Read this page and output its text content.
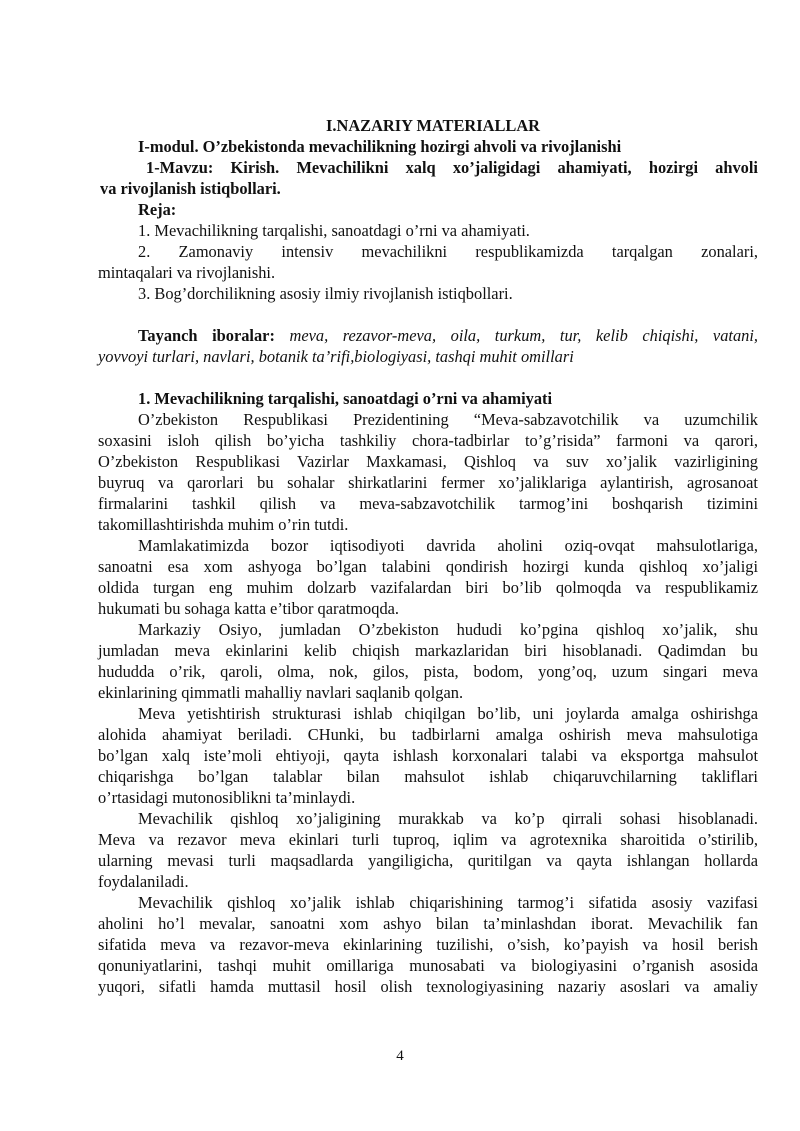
I.NAZARIY MATERIALLAR
I-modul. O’zbekistonda mevachilikning hozirgi ahvoli va rivojlanishi
1-Mavzu: Kirish. Mevachilikni xalq xo’jaligidagi ahamiyati, hozirgi ahvoli
va rivojlanish istiqbollari.
Reja:
1. Mevachilikning tarqalishi, sanoatdagi o’rni va ahamiyati.
2. Zamonaviy intensiv mevachilikni respublikamizda tarqalgan zonalari,
mintaqalari va rivojlanishi.
3. Bog’dorchilikning asosiy ilmiy rivojlanish istiqbollari.
Tayanch iboralar: meva, rezavor-meva, oila, turkum, tur, kelib chiqishi, vatani,
yovvoyi turlari, navlari, botanik ta’rifi,biologiyasi, tashqi muhit omillari
1. Mevachilikning tarqalishi, sanoatdagi o’rni va ahamiyati
O’zbekiston Respublikasi Prezidentining “Meva-sabzavotchilik va uzumchilik
soxasini isloh qilish bo’yicha tashkiliy chora-tadbirlar to’g’risida” farmoni va qarori,
O’zbekiston Respublikasi Vazirlar Maxkamasi, Qishloq va suv xo’jalik vazirligining
buyruq va qarorlari bu sohalar shirkatlarini fermer xo’jaliklariga aylantirish, agrosanoat
firmalarini tashkil qilish va meva-sabzavotchilik tarmog’ini boshqarish tizimini
takomillashtirishda muhim o’rin tutdi.
Mamlakatimizda bozor iqtisodiyoti davrida aholini oziq-ovqat mahsulotlariga,
sanoatni esa xom ashyoga bo’lgan talabini qondirish hozirgi kunda qishloq xo’jaligi
oldida turgan eng muhim dolzarb vazifalardan biri bo’lib qolmoqda va respublikamiz
hukumati bu sohaga katta e’tibor qaratmoqda.
Markaziy Osiyo, jumladan O’zbekiston hududi ko’pgina qishloq xo’jalik, shu
jumladan meva ekinlarini kelib chiqish markazlaridan biri hisoblanadi. Qadimdan bu
hududda o’rik, qaroli, olma, nok, gilos, pista, bodom, yong’oq, uzum singari meva
ekinlarining qimmatli mahalliy navlari saqlanib qolgan.
Meva yetishtirish strukturasi ishlab chiqilgan bo’lib, uni joylarda amalga oshirishga
alohida ahamiyat beriladi. CHunki, bu tadbirlarni amalga oshirish meva mahsulotiga
bo’lgan xalq iste’moli ehtiyoji, qayta ishlash korxonalari talabi va eksportga mahsulot
chiqarishga bo’lgan talablar bilan mahsulot ishlab chiqaruvchilarning takliflari
o’rtasidagi mutonosiblikni ta’minlaydi.
Mevachilik qishloq xo’jaligining murakkab va ko’p qirrali sohasi hisoblanadi.
Meva va rezavor meva ekinlari turli tuproq, iqlim va agrotexnika sharoitida o’stirilib,
ularning mevasi turli maqsadlarda yangiligicha, quritilgan va qayta ishlangan hollarda
foydalaniladi.
Mevachilik qishloq xo’jalik ishlab chiqarishining tarmog’i sifatida asosiy vazifasi
aholini ho’l mevalar, sanoatni xom ashyo bilan ta’minlashdan iborat. Mevachilik fan
sifatida meva va rezavor-meva ekinlarining tuzilishi, o’sish, ko’payish va hosil berish
qonuniyatlarini, tashqi muhit omillariga munosabati va biologiyasini o’rganish asosida
yuqori, sifatli hamda muttasil hosil olish texnologiyasining nazariy asoslari va amaliy
4
